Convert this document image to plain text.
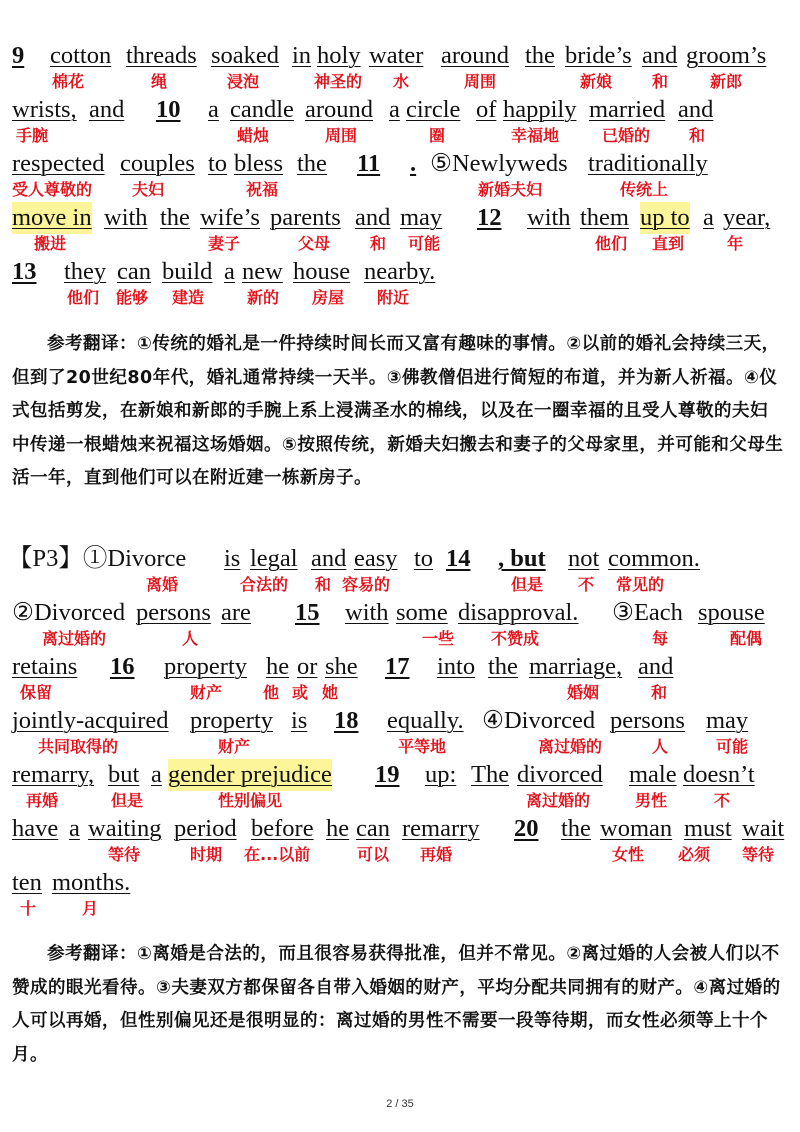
9 cotton threads soaked in holy water around the bride’s and groom’s
棉花	绳	浸泡	神圣的 水	周围	新娘 和	新郎
wrists, and 10 a candle around a circle of happily married and
手腕	蜡烛	周围	圈	幸福地	已婚的 和
respected couples to bless the 11 . ⑤Newlyweds traditionally
受人尊敬的 夫妇	祝福	新婚夫妇	传统上
move in with the wife’s parents and may 12 with them up to a year,
搬进	妻子	父母 和 可能	他们 直到	年
13 they can build a new house nearby.
他们 能够 建造	新的 房屋 附近

参考翻译：①传统的婚礼是一件持续时间长而又富有趣味的事情。②以前的婚礼会持续三天，但到了20世纪80年代，婚礼通常持续一天半。③佛教僧侣进行简短的布道，并为新人祈福。④仪式包括剪发，在新娘和新郎的手腕上系上浸满圣水的棉线，以及在一圈幸福的且受人尊敬的夫妇中传递一根蜡烛来祝福这场婚姻。⑤按照传统，新婚夫妇搬去和妻子的父母家里，并可能和父母生活一年，直到他们可以在附近建一栋新房子。

【P3】①Divorce is legal and easy to 14 , but not common.
离婚	合法的 和 容易的	但是 不 常见的
②Divorced persons are 15 with some disapproval. ③Each spouse
离过婚的	人	一些 不赞成	每	配偶
retains 16 property he or she 17 into the marriage, and
保留	财产	他 或 她	婚姻	和
jointly-acquired property is 18 equally. ④Divorced persons may
共同取得的	财产	平等地	离过婚的	人	可能
remarry, but a gender prejudice 19 up: The divorced male doesn’t
再婚	但是	性别偏见	离过婚的	男性	不
have a waiting period before he can remarry 20 the woman must wait
等待	时期 在...以前	可以 再婚	女性 必须 等待
ten months.
十	月

参考翻译：①离婚是合法的，而且很容易获得批准，但并不常见。②离过婚的人会被人们以不赞成的眼光看待。③夫妻双方都保留各自带入婚姻的财产，平均分配共同拥有的财产。④离过婚的人可以再婚，但性别偏见还是很明显的：离过婚的男性不需要一段等待期，而女性必须等上十个月。

2 / 35
